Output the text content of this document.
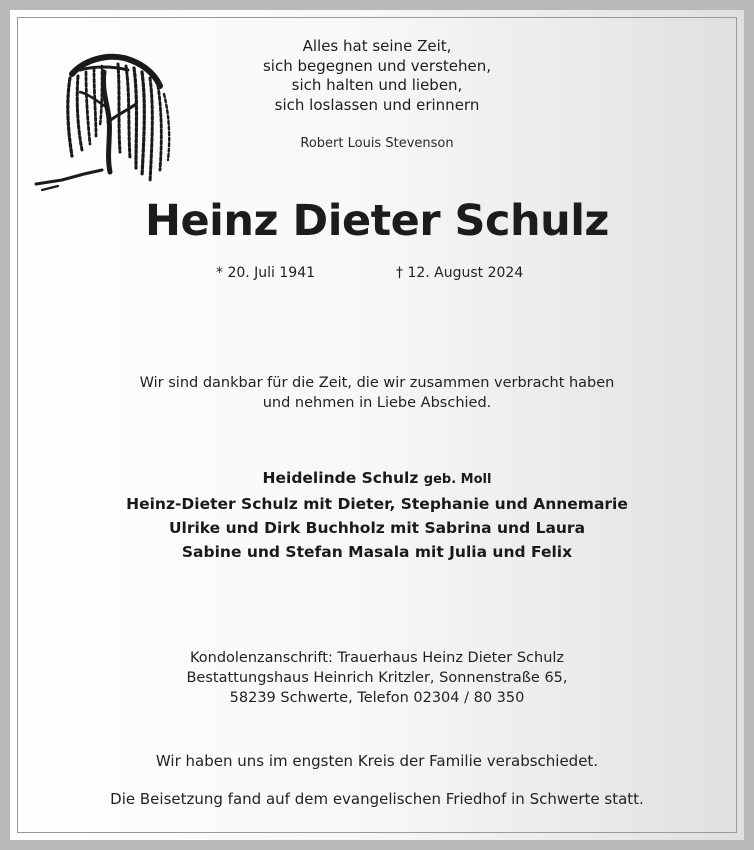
Alles hat seine Zeit,
sich begegnen und verstehen,
sich halten und lieben,
sich loslassen und erinnern
Robert Louis Stevenson
Heinz Dieter Schulz
* 20. Juli 1941	† 12. August 2024
Wir sind dankbar für die Zeit, die wir zusammen verbracht haben
und nehmen in Liebe Abschied.
Heidelinde Schulz geb. Moll
Heinz-Dieter Schulz mit Dieter, Stephanie und Annemarie
Ulrike und Dirk Buchholz mit Sabrina und Laura
Sabine und Stefan Masala mit Julia und Felix
Kondolenzanschrift: Trauerhaus Heinz Dieter Schulz
Bestattungshaus Heinrich Kritzler, Sonnenstraße 65,
58239 Schwerte, Telefon 02304 / 80 350
Wir haben uns im engsten Kreis der Familie verabschiedet.
Die Beisetzung fand auf dem evangelischen Friedhof in Schwerte statt.
